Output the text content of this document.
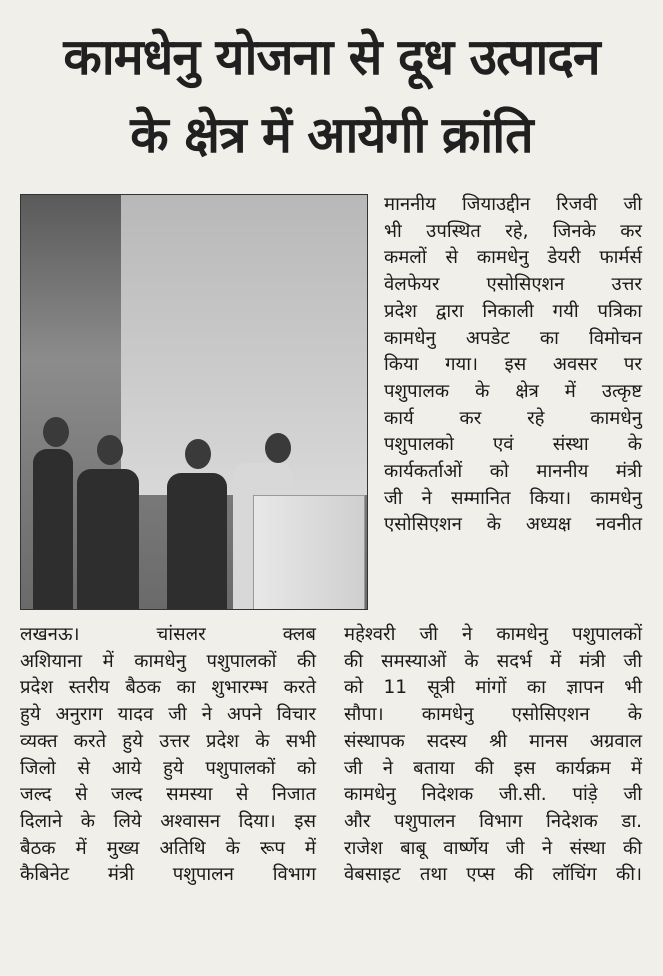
कामधेनु योजना से दूध उत्पादन
के क्षेत्र में आयेगी क्रांति
माननीय जियाउद्दीन रिजवी जी
भी उपस्थित रहे, जिनके कर
कमलों से कामधेनु डेयरी फार्मर्स
वेलफेयर एसोसिएशन उत्तर
प्रदेश द्वारा निकाली गयी पत्रिका
कामधेनु अपडेट का विमोचन
किया गया। इस अवसर पर
पशुपालक के क्षेत्र में उत्कृष्ट
कार्य कर रहे कामधेनु
पशुपालको एवं संस्था के
कार्यकर्ताओं को माननीय मंत्री
जी ने सम्मानित किया। कामधेनु
एसोसिएशन के अध्यक्ष नवनीत
लखनऊ। चांसलर क्लब
अशियाना में कामधेनु पशुपालकों की
प्रदेश स्तरीय बैठक का शुभारम्भ करते
हुये अनुराग यादव जी ने अपने विचार
व्यक्त करते हुये उत्तर प्रदेश के सभी
जिलो से आये हुये पशुपालकों को
जल्द से जल्द समस्या से निजात
दिलाने के लिये अश्वासन दिया। इस
बैठक में मुख्य अतिथि के रूप में
कैबिनेट मंत्री पशुपालन विभाग
महेश्वरी जी ने कामधेनु पशुपालकों
की समस्याओं के सदर्भ में मंत्री जी
को 11 सूत्री मांगों का ज्ञापन भी
सौपा। कामधेनु एसोसिएशन के
संस्थापक सदस्य श्री मानस अग्रवाल
जी ने बताया की इस कार्यक्रम में
कामधेनु निदेशक जी.सी. पांड़े जी
और पशुपालन विभाग निदेशक डा.
राजेश बाबू वार्ष्णेय जी ने संस्था की
वेबसाइट तथा एप्स की लॉचिंग की।
